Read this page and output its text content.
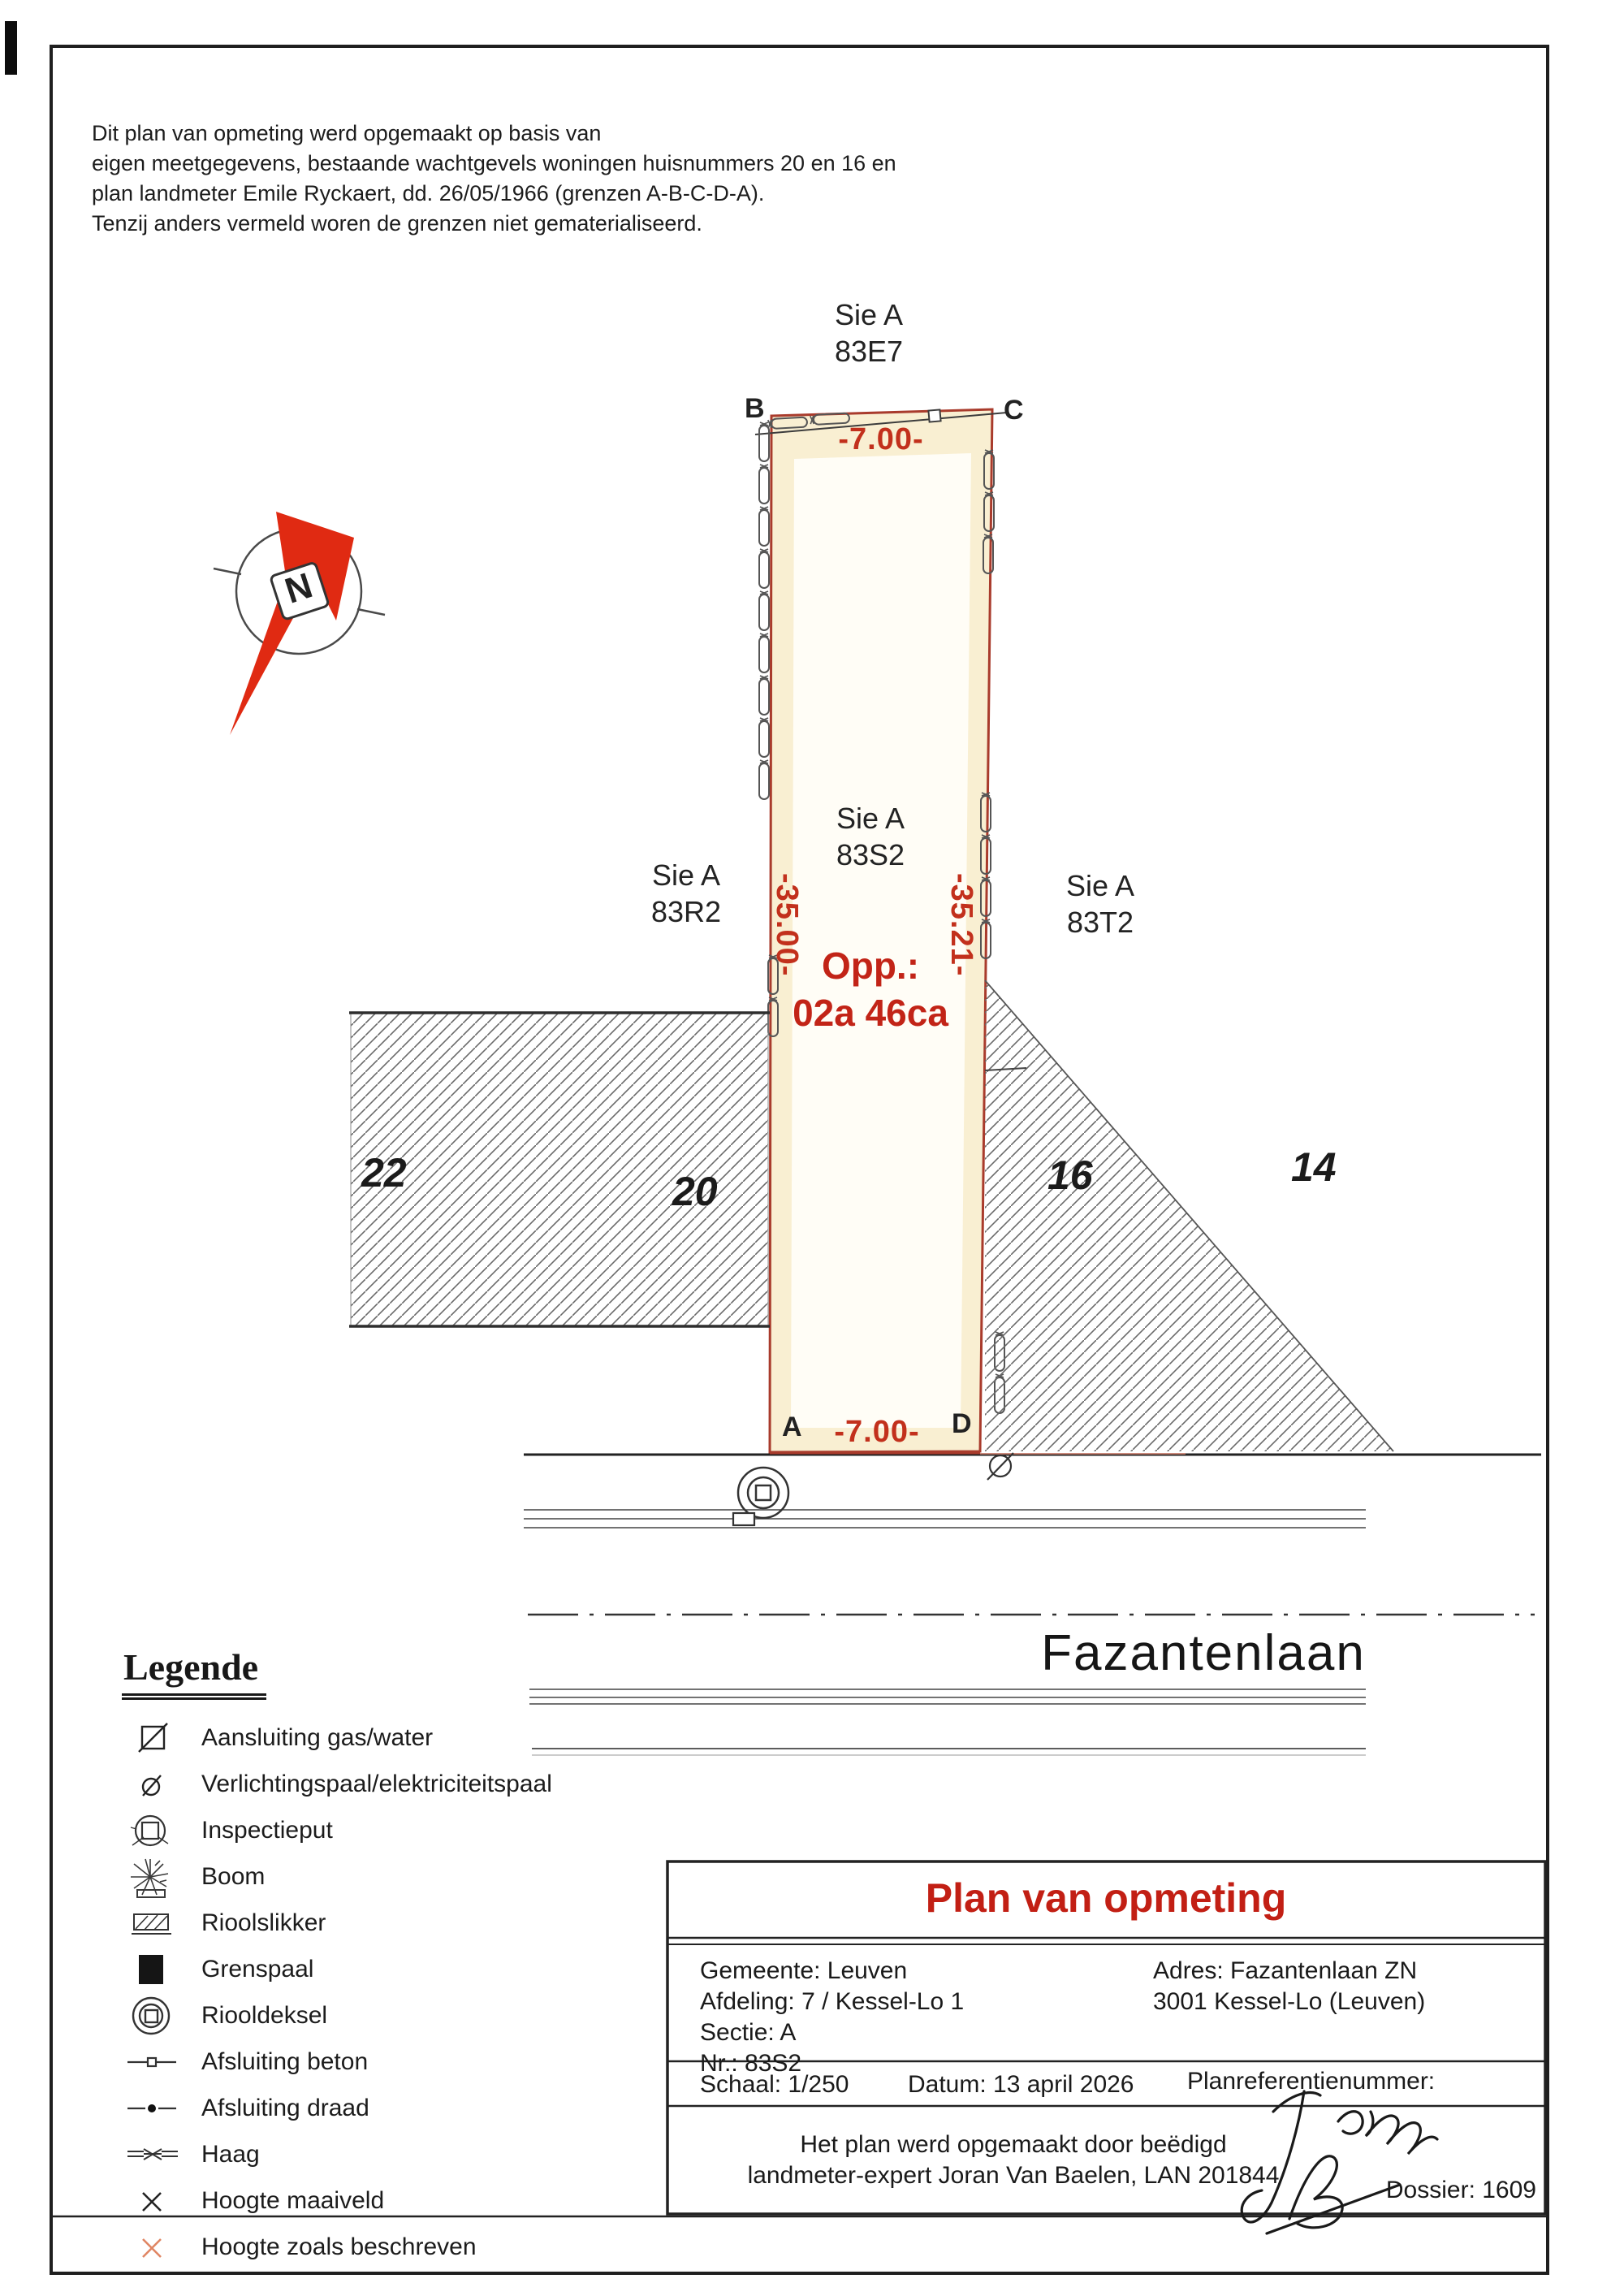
Dit plan van opmeting werd opgemaakt op basis van
eigen meetgegevens, bestaande wachtgevels woningen huisnummers 20 en 16 en
plan landmeter Emile Ryckaert, dd. 26/05/1966 (grenzen A-B-C-D-A).
Tenzij anders vermeld woren de grenzen niet gematerialiseerd.
N
Sie A
83E7
Sie A
83S2
Sie A
83R2
Sie A
83T2
Opp.:
02a 46ca
-7.00-
-7.00-
-35.00-	-35.21-
B	C
A	D
22	20	16	14
Fazantenlaan
Legende
Aansluiting gas/water
Verlichtingspaal/elektriciteitspaal
Inspectieput
Boom
Rioolslikker
Grenspaal
Riooldeksel
Afsluiting beton
Afsluiting draad
Haag
Hoogte maaiveld
Hoogte zoals beschreven
Plan van opmeting
Gemeente: Leuven
Afdeling: 7 / Kessel-Lo 1
Sectie: A
Nr.: 83S2
Adres: Fazantenlaan ZN
3001 Kessel-Lo (Leuven)
Schaal: 1/250 Datum: 13 april 2026 Planreferentienummer:
Het plan werd opgemaakt door beëdigd
landmeter-expert Joran Van Baelen, LAN 201844
Dossier: 1609
